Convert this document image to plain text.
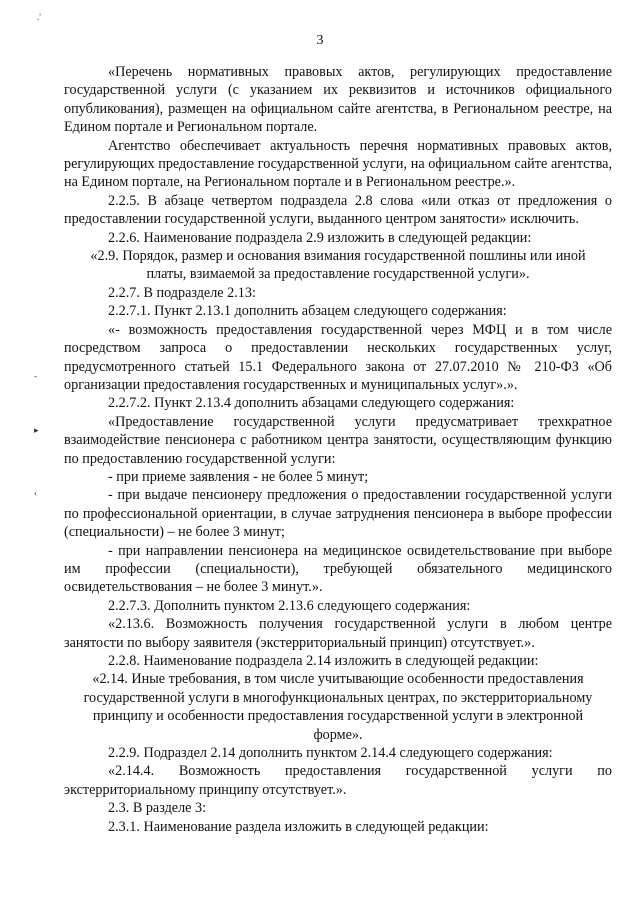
3
.'
-
▸
‹

«Перечень нормативных правовых актов, регулирующих предоставление государственной услуги (с указанием их реквизитов и источников официального опубликования), размещен на официальном сайте агентства, в Региональном реестре, на Едином портале и Региональном портале.

Агентство обеспечивает актуальность перечня нормативных правовых актов, регулирующих предоставление государственной услуги, на официальном сайте агентства, на Едином портале, на Региональном портале и в Региональном реестре.».

2.2.5. В абзаце четвертом подраздела 2.8 слова «или отказ от предложения о предоставлении государственной услуги, выданного центром занятости» исключить.

2.2.6. Наименование подраздела 2.9 изложить в следующей редакции:

«2.9. Порядок, размер и основания взимания государственной пошлины или иной платы, взимаемой за предоставление государственной услуги».

2.2.7. В подразделе 2.13:

2.2.7.1. Пункт 2.13.1 дополнить абзацем следующего содержания:

«- возможность предоставления государственной через МФЦ и в том числе посредством запроса о предоставлении нескольких государственных услуг, предусмотренного статьей 15.1 Федерального закона от 27.07.2010 № 210-ФЗ «Об организации предоставления государственных и муниципальных услуг».».

2.2.7.2. Пункт 2.13.4 дополнить абзацами следующего содержания:

«Предоставление государственной услуги предусматривает трехкратное взаимодействие пенсионера с работником центра занятости, осуществляющим функцию по предоставлению государственной услуги:

- при приеме заявления - не более 5 минут;

- при выдаче пенсионеру предложения о предоставлении государственной услуги по профессиональной ориентации, в случае затруднения пенсионера в выборе профессии (специальности) – не более 3 минут;

- при направлении пенсионера на медицинское освидетельствование при выборе им профессии (специальности), требующей обязательного медицинского освидетельствования – не более 3 минут.».

2.2.7.3. Дополнить пунктом 2.13.6 следующего содержания:

«2.13.6. Возможность получения государственной услуги в любом центре занятости по выбору заявителя (экстерриториальный принцип) отсутствует.».

2.2.8. Наименование подраздела 2.14 изложить в следующей редакции:

«2.14. Иные требования, в том числе учитывающие особенности предоставления государственной услуги в многофункциональных центрах, по экстерриториальному принципу и особенности предоставления государственной услуги в электронной форме».

2.2.9. Подраздел 2.14 дополнить пунктом 2.14.4 следующего содержания:

«2.14.4. Возможность предоставления государственной услуги по экстерриториальному принципу отсутствует.».

2.3. В разделе 3:

2.3.1. Наименование раздела изложить в следующей редакции:
